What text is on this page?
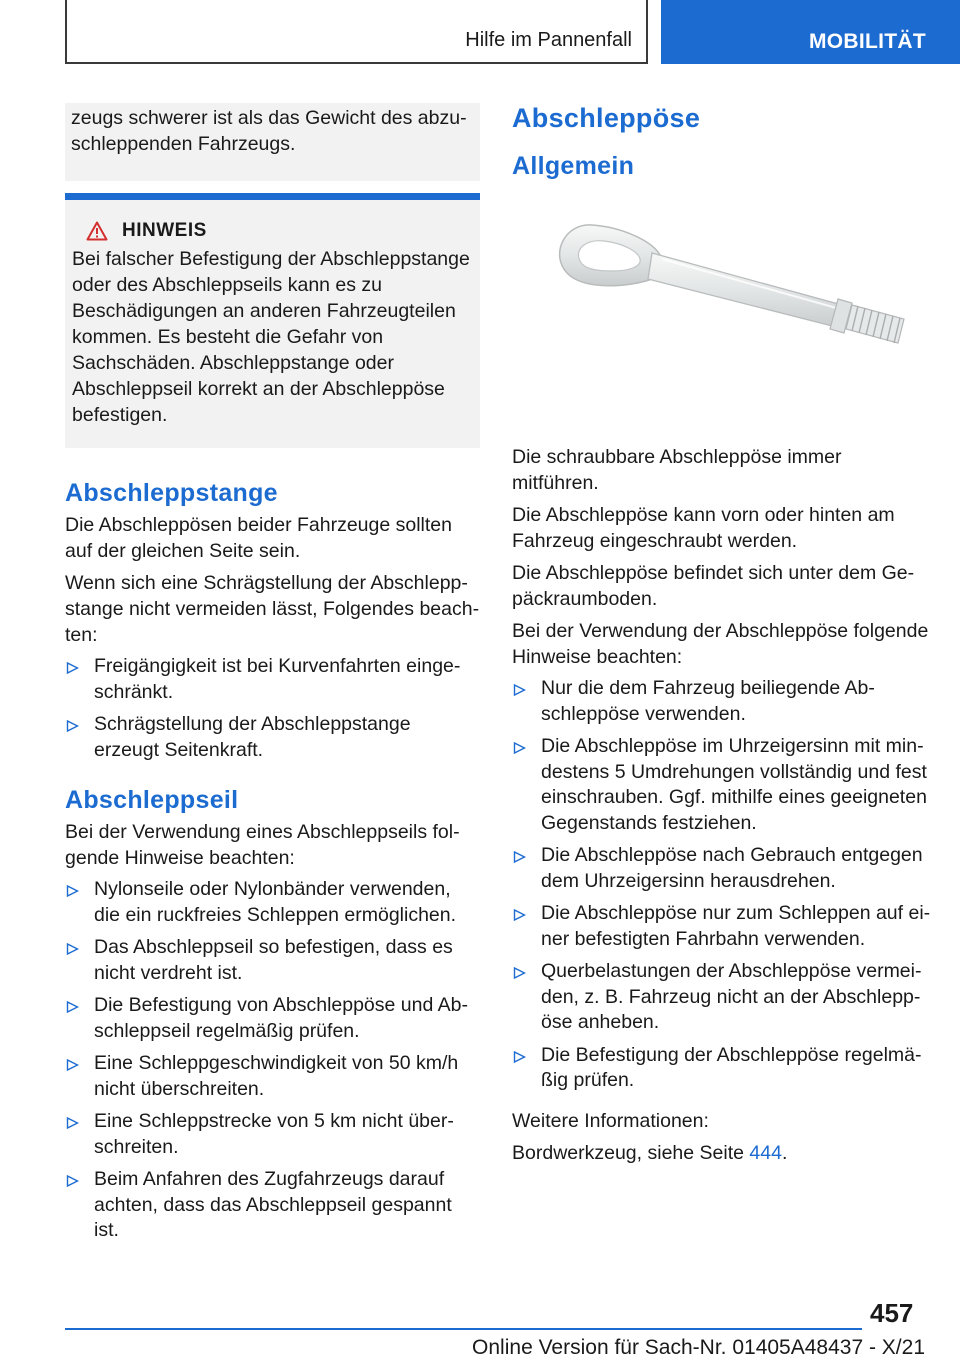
Hilfe im Pannenfall	MOBILITÄT

zeugs schwerer ist als das Gewicht des abzuschleppenden Fahrzeugs.

HINWEIS

Bei falscher Befestigung der Abschleppstange oder des Abschleppseils kann es zu Beschädigungen an anderen Fahrzeugteilen kommen. Es besteht die Gefahr von Sachschäden. Abschleppstange oder Abschleppseil korrekt an der Abschleppöse befestigen.

Abschleppstange

Die Abschleppösen beider Fahrzeuge sollten auf der gleichen Seite sein.

Wenn sich eine Schrägstellung der Abschleppstange nicht vermeiden lässt, Folgendes beachten:

Freigängigkeit ist bei Kurvenfahrten eingeschränkt.
Schrägstellung der Abschleppstange erzeugt Seitenkraft.
Abschleppseil

Bei der Verwendung eines Abschleppseils folgende Hinweise beachten:

Nylonseile oder Nylonbänder verwenden, die ein ruckfreies Schleppen ermöglichen.
Das Abschleppseil so befestigen, dass es nicht verdreht ist.
Die Befestigung von Abschleppöse und Abschleppseil regelmäßig prüfen.
Eine Schleppgeschwindigkeit von 50 km/h nicht überschreiten.
Eine Schleppstrecke von 5 km nicht überschreiten.
Beim Anfahren des Zugfahrzeugs darauf achten, dass das Abschleppseil gespannt ist.
Abschleppöse
Allgemein

Die schraubbare Abschleppöse immer mitführen.

Die Abschleppöse kann vorn oder hinten am Fahrzeug eingeschraubt werden.

Die Abschleppöse befindet sich unter dem Gepäckraumboden.

Bei der Verwendung der Abschleppöse folgende Hinweise beachten:

Nur die dem Fahrzeug beiliegende Abschleppöse verwenden.
Die Abschleppöse im Uhrzeigersinn mit mindestens 5 Umdrehungen vollständig und fest einschrauben. Ggf. mithilfe eines geeigneten Gegenstands festziehen.
Die Abschleppöse nach Gebrauch entgegen dem Uhrzeigersinn herausdrehen.
Die Abschleppöse nur zum Schleppen auf einer befestigten Fahrbahn verwenden.
Querbelastungen der Abschleppöse vermeiden, z. B. Fahrzeug nicht an der Abschleppöse anheben.
Die Befestigung der Abschleppöse regelmäßig prüfen.

Weitere Informationen:

Bordwerkzeug, siehe Seite 444.

457
Online Version für Sach-Nr. 01405A48437 - X/21
